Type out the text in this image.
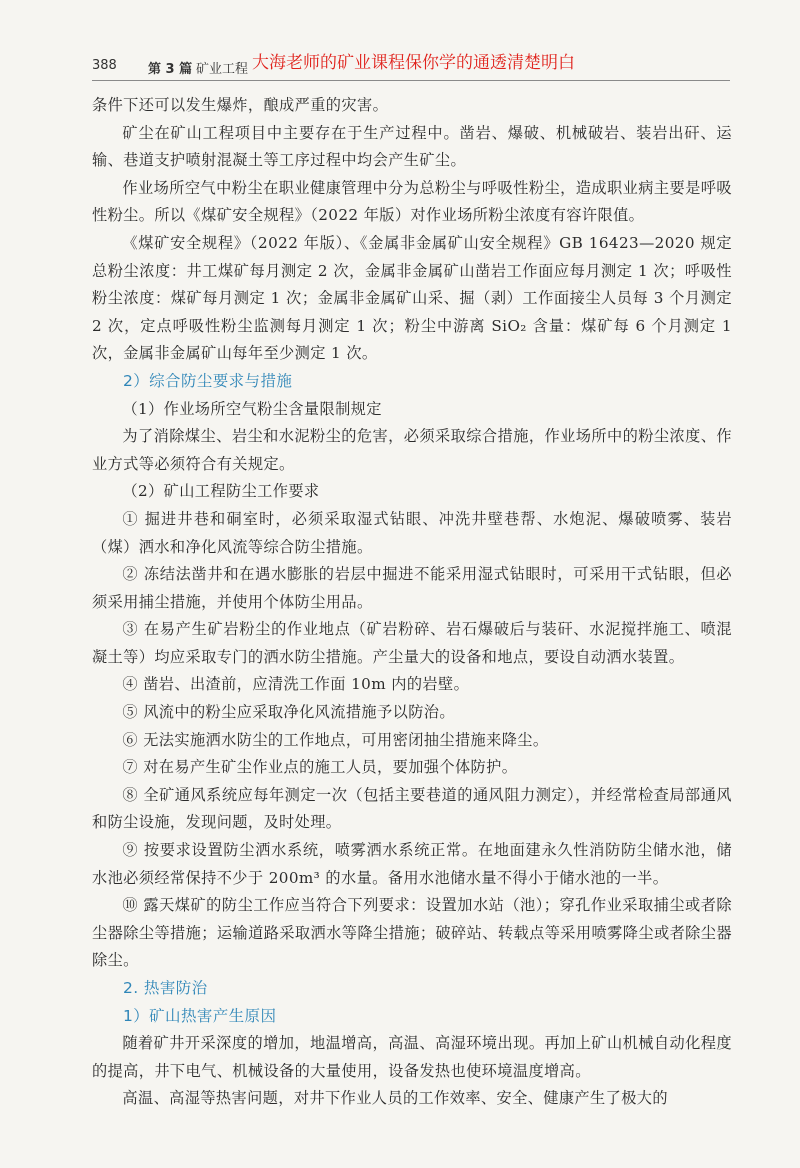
388 第 3 篇 矿业工程 大海老师的矿业课程保你学的通透清楚明白

条件下还可以发生爆炸，酿成严重的灾害。

矿尘在矿山工程项目中主要存在于生产过程中。凿岩、爆破、机械破岩、装岩出矸、运输、巷道支护喷射混凝土等工序过程中均会产生矿尘。

作业场所空气中粉尘在职业健康管理中分为总粉尘与呼吸性粉尘，造成职业病主要是呼吸性粉尘。所以《煤矿安全规程》（2022 年版）对作业场所粉尘浓度有容许限值。

《煤矿安全规程》（2022 年版）、《金属非金属矿山安全规程》GB 16423—2020 规定总粉尘浓度：井工煤矿每月测定 2 次，金属非金属矿山凿岩工作面应每月测定 1 次；呼吸性粉尘浓度：煤矿每月测定 1 次；金属非金属矿山采、掘（剥）工作面接尘人员每 3 个月测定 2 次，定点呼吸性粉尘监测每月测定 1 次；粉尘中游离 SiO₂ 含量：煤矿每 6 个月测定 1 次，金属非金属矿山每年至少测定 1 次。

2）综合防尘要求与措施

（1）作业场所空气粉尘含量限制规定

为了消除煤尘、岩尘和水泥粉尘的危害，必须采取综合措施，作业场所中的粉尘浓度、作业方式等必须符合有关规定。

（2）矿山工程防尘工作要求

① 掘进井巷和硐室时，必须采取湿式钻眼、冲洗井壁巷帮、水炮泥、爆破喷雾、装岩（煤）洒水和净化风流等综合防尘措施。

② 冻结法凿井和在遇水膨胀的岩层中掘进不能采用湿式钻眼时，可采用干式钻眼，但必须采用捕尘措施，并使用个体防尘用品。

③ 在易产生矿岩粉尘的作业地点（矿岩粉碎、岩石爆破后与装矸、水泥搅拌施工、喷混凝土等）均应采取专门的洒水防尘措施。产尘量大的设备和地点，要设自动洒水装置。

④ 凿岩、出渣前，应清洗工作面 10m 内的岩壁。

⑤ 风流中的粉尘应采取净化风流措施予以防治。

⑥ 无法实施洒水防尘的工作地点，可用密闭抽尘措施来降尘。

⑦ 对在易产生矿尘作业点的施工人员，要加强个体防护。

⑧ 全矿通风系统应每年测定一次（包括主要巷道的通风阻力测定），并经常检查局部通风和防尘设施，发现问题，及时处理。

⑨ 按要求设置防尘洒水系统，喷雾洒水系统正常。在地面建永久性消防防尘储水池，储水池必须经常保持不少于 200m³ 的水量。备用水池储水量不得小于储水池的一半。

⑩ 露天煤矿的防尘工作应当符合下列要求：设置加水站（池）；穿孔作业采取捕尘或者除尘器除尘等措施；运输道路采取洒水等降尘措施；破碎站、转载点等采用喷雾降尘或者除尘器除尘。

2. 热害防治

1）矿山热害产生原因

随着矿井开采深度的增加，地温增高，高温、高湿环境出现。再加上矿山机械自动化程度的提高，井下电气、机械设备的大量使用，设备发热也使环境温度增高。

高温、高湿等热害问题，对井下作业人员的工作效率、安全、健康产生了极大的
